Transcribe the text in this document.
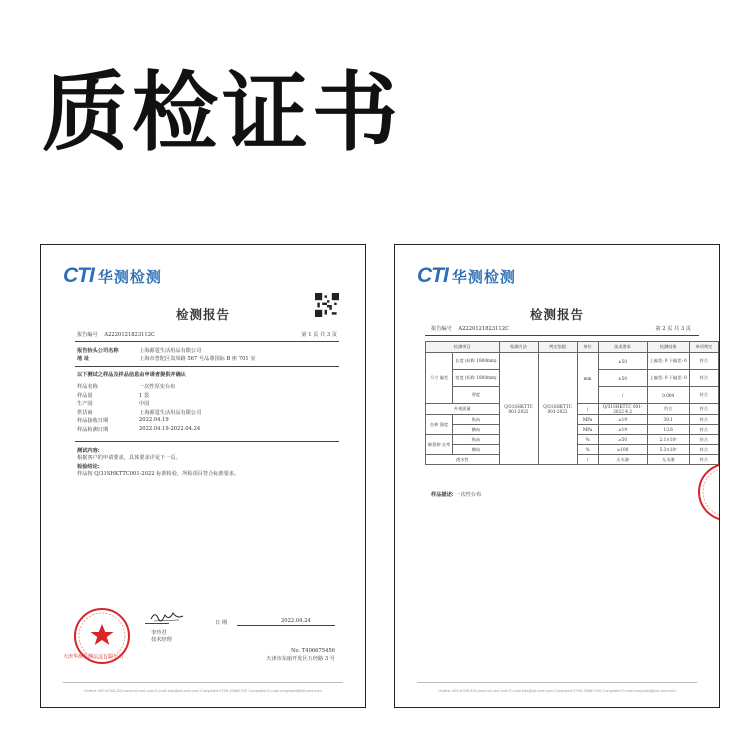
质检证书
CTI 华测检测
检测报告
报告编号 A2220121823112C	第 1 页 共 3 页
报告抬头公司名称	上海源霆生活用品有限公司
地 址	上海市普陀区岚皋路 567 号品尊国际 B 座 701 室
以下测试之样品及样品信息由申请者提供并确认
样品名称	一次性厚实台布
样品量	1 袋
生产国	中国
供货商	上海源霆生活用品有限公司
样品接收日期	2022.04.19
样品检测日期	2022.04.19-2022.04.24
测试内容:
根据客户的申请要求，具体要求详见下一页。
检验结论:
样品按 Q/31SHKTTC001-2022 标准检验，所检项目符合标准要求。
李玲君
技术经理
日 期	2022.04.24
No. T406675456
天津市东丽开发区五经路 3 号
天津华测检测认证有限公司
Hotline 400-6788-333 www.cti-cert.com E-mail info@cti-cert.com Complaint 0755-33681700 Complaint E-mail complaint@cti-cert.com
CTI 华测检测
检测报告
报告编号 A2220121823112C	第 2 页 共 3 页
检测项目		检测方法	判定依据	单位	技术要求	检测结果	单项判定
尺寸 偏差	长度 (标称 1800mm)	Q/31SHKTTC 001-2022	Q/31SHKTTC 001-2022	mm	±50	上偏差: 0 下偏差: 0	符合
	宽度 (标称 1800mm)				±50	上偏差: 0 下偏差: 0	符合
	厚度				/	0.004	符合
外观质量				/	Q/31SHKTTC 001-2022 4.2	符合	符合
拉伸 强度	纵向			MPa	≥19	39.1	符合
	横向			MPa	≥19	13.6	符合
断裂伸 长率	纵向			%	≥50	2.1×10²	符合
	横向			%	≥100	5.3×10²	符合
透水性				/	无水渗	无水渗	符合
样品描述: 一次性台布
Hotline 400-6788-333 www.cti-cert.com E-mail info@cti-cert.com Complaint 0755-33681700 Complaint E-mail complaint@cti-cert.com
